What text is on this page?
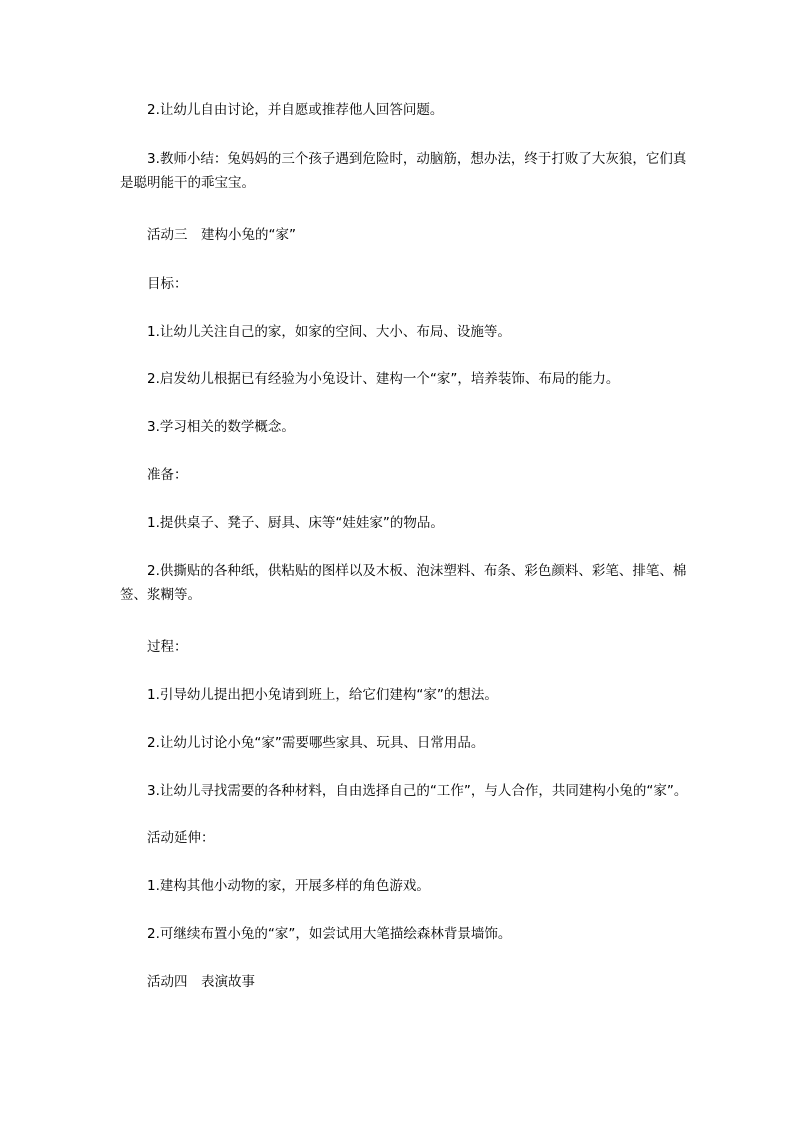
　　2.让幼儿自由讨论，并自愿或推荐他人回答问题。

　　3.教师小结：兔妈妈的三个孩子遇到危险时，动脑筋，想办法，终于打败了大灰狼，它们真
是聪明能干的乖宝宝。

　　活动三　建构小兔的“家”

　　目标：

　　1.让幼儿关注自己的家，如家的空间、大小、布局、设施等。

　　2.启发幼儿根据已有经验为小兔设计、建构一个“家”，培养装饰、布局的能力。

　　3.学习相关的数学概念。

　　准备：

　　1.提供桌子、凳子、厨具、床等“娃娃家”的物品。

　　2.供撕贴的各种纸，供粘贴的图样以及木板、泡沫塑料、布条、彩色颜料、彩笔、排笔、棉
签、浆糊等。

　　过程：

　　1.引导幼儿提出把小兔请到班上，给它们建构“家”的想法。

　　2.让幼儿讨论小兔“家”需要哪些家具、玩具、日常用品。

　　3.让幼儿寻找需要的各种材料，自由选择自己的“工作”，与人合作，共同建构小兔的“家”。

　　活动延伸：

　　1.建构其他小动物的家，开展多样的角色游戏。

　　2.可继续布置小兔的“家”，如尝试用大笔描绘森林背景墙饰。

　　活动四　表演故事
